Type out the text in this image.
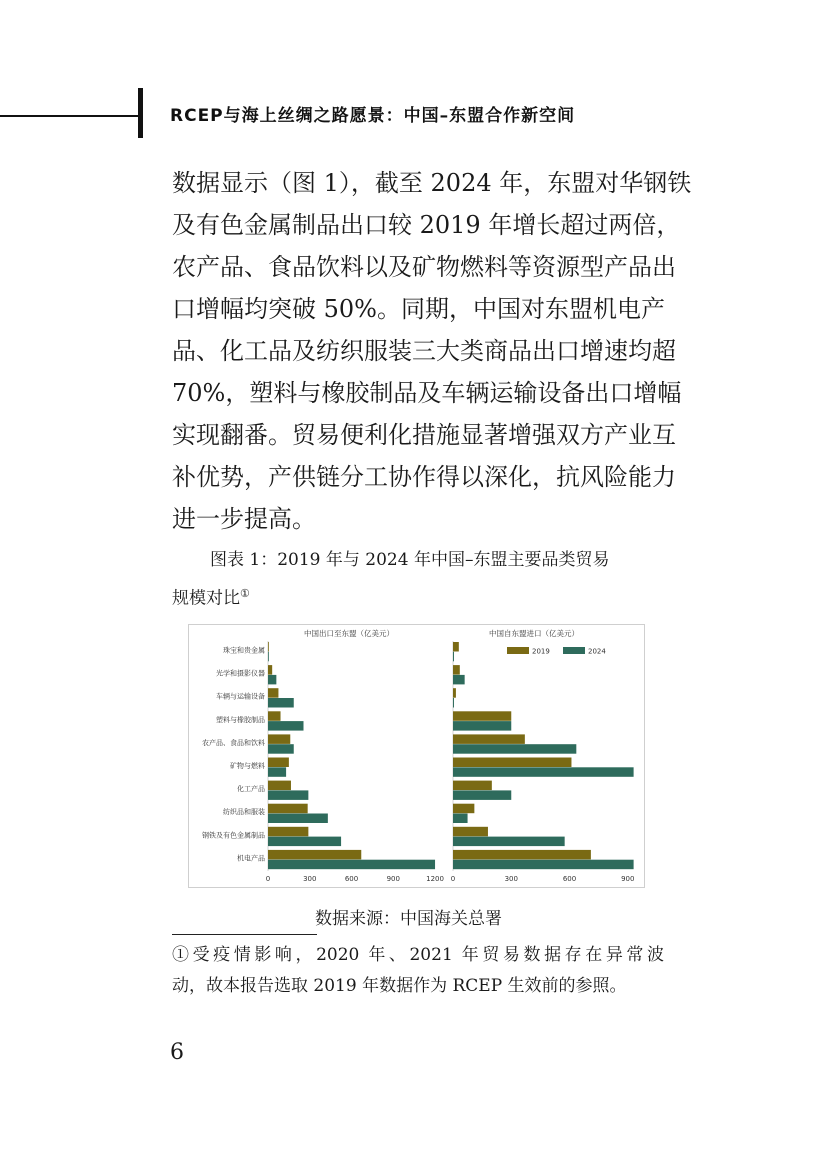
RCEP与海上丝绸之路愿景：中国–东盟合作新空间

数据显示（图 1），截至 2024 年，东盟对华钢铁
及有色金属制品出口较 2019 年增长超过两倍，
农产品、食品饮料以及矿物燃料等资源型产品出
口增幅均突破 50%。同期，中国对东盟机电产
品、化工品及纺织服装三大类商品出口增速均超
70%，塑料与橡胶制品及车辆运输设备出口增幅
实现翻番。贸易便利化措施显著增强双方产业互
补优势，产供链分工协作得以深化，抗风险能力
进一步提高。
图表 1：2019 年与 2024 年中国–东盟主要品类贸易
规模对比①
中国出口至东盟（亿美元）
珠宝和贵金属
光学和摄影仪器
车辆与运输设备
塑料与橡胶制品
农产品、食品和饮料
矿物与燃料
化工产品
纺织品和服装
钢铁及有色金属制品
机电产品
0	300	600	900	1200
中国自东盟进口（亿美元）
0	300	600	900
2019	2024

数据来源：中国海关总署

①受疫情影响，2020 年、2021 年贸易数据存在异常波
动，故本报告选取 2019 年数据作为 RCEP 生效前的参照。

6
